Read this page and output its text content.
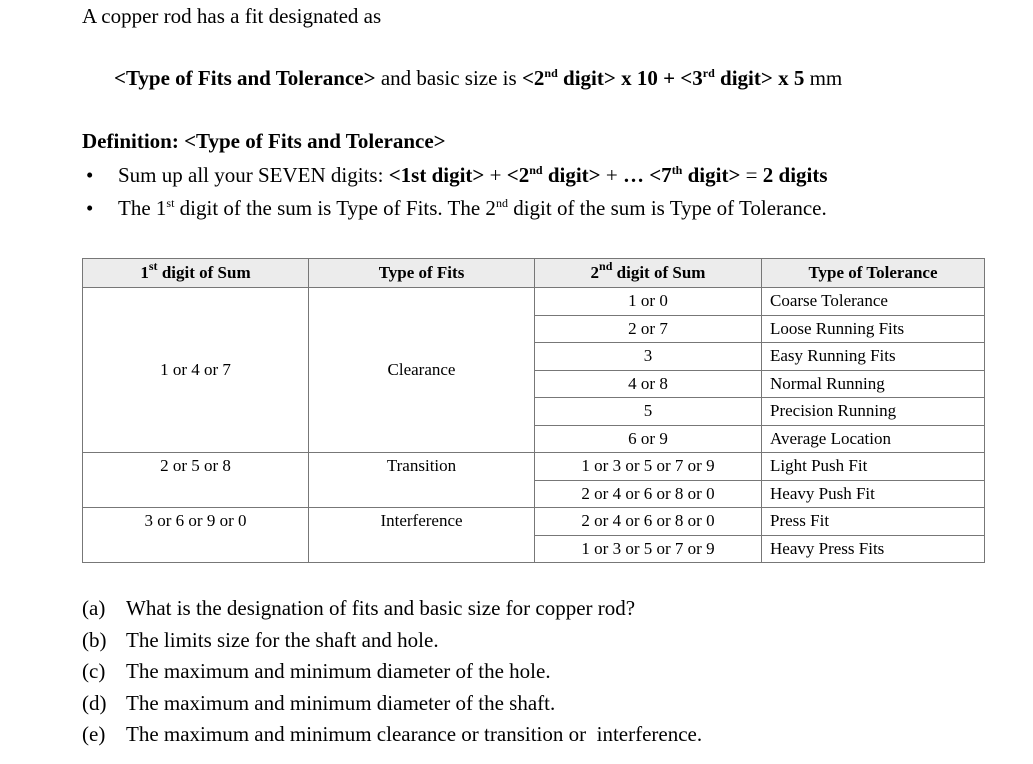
A copper rod has a fit designated as
<Type of Fits and Tolerance> and basic size is <2nd digit> x 10 + <3rd digit> x 5 mm
Definition: <Type of Fits and Tolerance>
•	Sum up all your SEVEN digits: <1st digit> + <2nd digit> + … <7th digit> = 2 digits
•	The 1st digit of the sum is Type of Fits. The 2nd digit of the sum is Type of Tolerance.
1st digit of Sum	Type of Fits	2nd digit of Sum	Type of Tolerance
1 or 4 or 7	Clearance	1 or 0	Coarse Tolerance
		2 or 7	Loose Running Fits
		3	Easy Running Fits
		4 or 8	Normal Running
		5	Precision Running
		6 or 9	Average Location
2 or 5 or 8	Transition	1 or 3 or 5 or 7 or 9	Light Push Fit
		2 or 4 or 6 or 8 or 0	Heavy Push Fit
3 or 6 or 9 or 0	Interference	2 or 4 or 6 or 8 or 0	Press Fit
		1 or 3 or 5 or 7 or 9	Heavy Press Fits
(a) What is the designation of fits and basic size for copper rod?
(b) The limits size for the shaft and hole.
(c) The maximum and minimum diameter of the hole.
(d) The maximum and minimum diameter of the shaft.
(e) The maximum and minimum clearance or transition or  interference.
